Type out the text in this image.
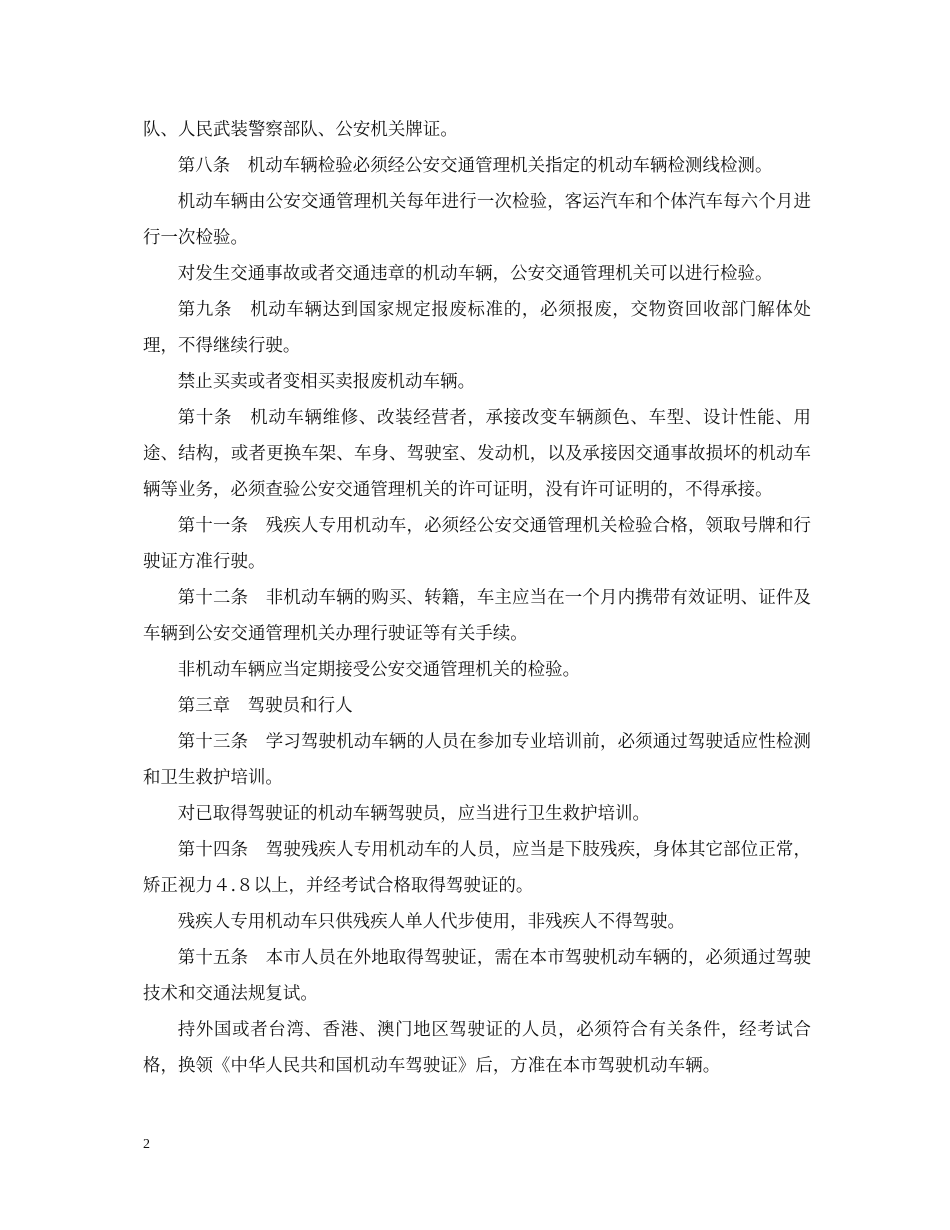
队、人民武装警察部队、公安机关牌证。

第八条　机动车辆检验必须经公安交通管理机关指定的机动车辆检测线检测。

机动车辆由公安交通管理机关每年进行一次检验，客运汽车和个体汽车每六个月进行一次检验。

对发生交通事故或者交通违章的机动车辆，公安交通管理机关可以进行检验。

第九条　机动车辆达到国家规定报废标准的，必须报废，交物资回收部门解体处理，不得继续行驶。

禁止买卖或者变相买卖报废机动车辆。

第十条　机动车辆维修、改装经营者，承接改变车辆颜色、车型、设计性能、用途、结构，或者更换车架、车身、驾驶室、发动机，以及承接因交通事故损坏的机动车辆等业务，必须查验公安交通管理机关的许可证明，没有许可证明的，不得承接。

第十一条　残疾人专用机动车，必须经公安交通管理机关检验合格，领取号牌和行驶证方准行驶。

第十二条　非机动车辆的购买、转籍，车主应当在一个月内携带有效证明、证件及车辆到公安交通管理机关办理行驶证等有关手续。

非机动车辆应当定期接受公安交通管理机关的检验。

第三章　驾驶员和行人

第十三条　学习驾驶机动车辆的人员在参加专业培训前，必须通过驾驶适应性检测和卫生救护培训。

对已取得驾驶证的机动车辆驾驶员，应当进行卫生救护培训。

第十四条　驾驶残疾人专用机动车的人员，应当是下肢残疾，身体其它部位正常，矫正视力４.８以上，并经考试合格取得驾驶证的。

残疾人专用机动车只供残疾人单人代步使用，非残疾人不得驾驶。

第十五条　本市人员在外地取得驾驶证，需在本市驾驶机动车辆的，必须通过驾驶技术和交通法规复试。

持外国或者台湾、香港、澳门地区驾驶证的人员，必须符合有关条件，经考试合格，换领《中华人民共和国机动车驾驶证》后，方准在本市驾驶机动车辆。

2
